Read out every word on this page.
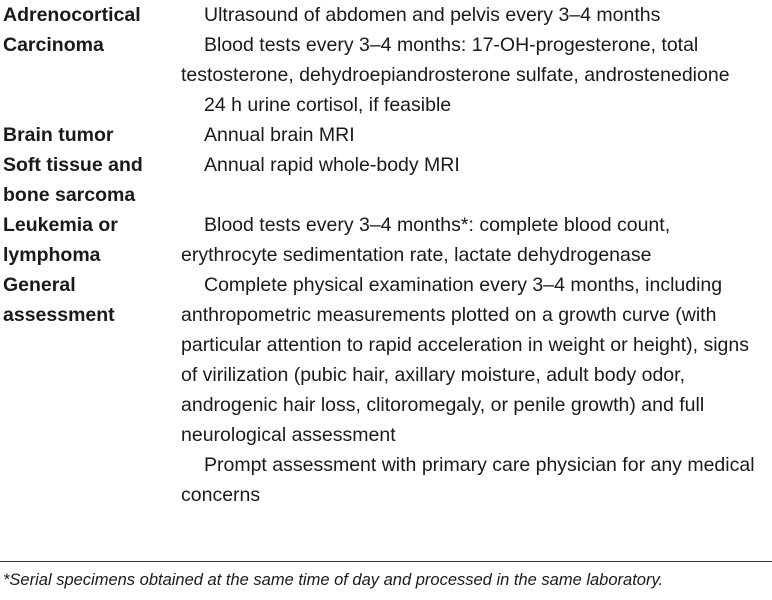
Adrenocortical Carcinoma
Ultrasound of abdomen and pelvis every 3–4 months
Blood tests every 3–4 months: 17-OH-progesterone, total testosterone, dehydroepiandrosterone sulfate, androstenedione
24 h urine cortisol, if feasible
Brain tumor	Annual brain MRI
Soft tissue and bone sarcoma
Annual rapid whole-body MRI
Leukemia or lymphoma
Blood tests every 3–4 months*: complete blood count, erythrocyte sedimentation rate, lactate dehydrogenase
General assessment
Complete physical examination every 3–4 months, including anthropometric measurements plotted on a growth curve (with particular attention to rapid acceleration in weight or height), signs of virilization (pubic hair, axillary moisture, adult body odor, androgenic hair loss, clitoromegaly, or penile growth) and full neurological assessment
Prompt assessment with primary care physician for any medical concerns
*Serial specimens obtained at the same time of day and processed in the same laboratory.
